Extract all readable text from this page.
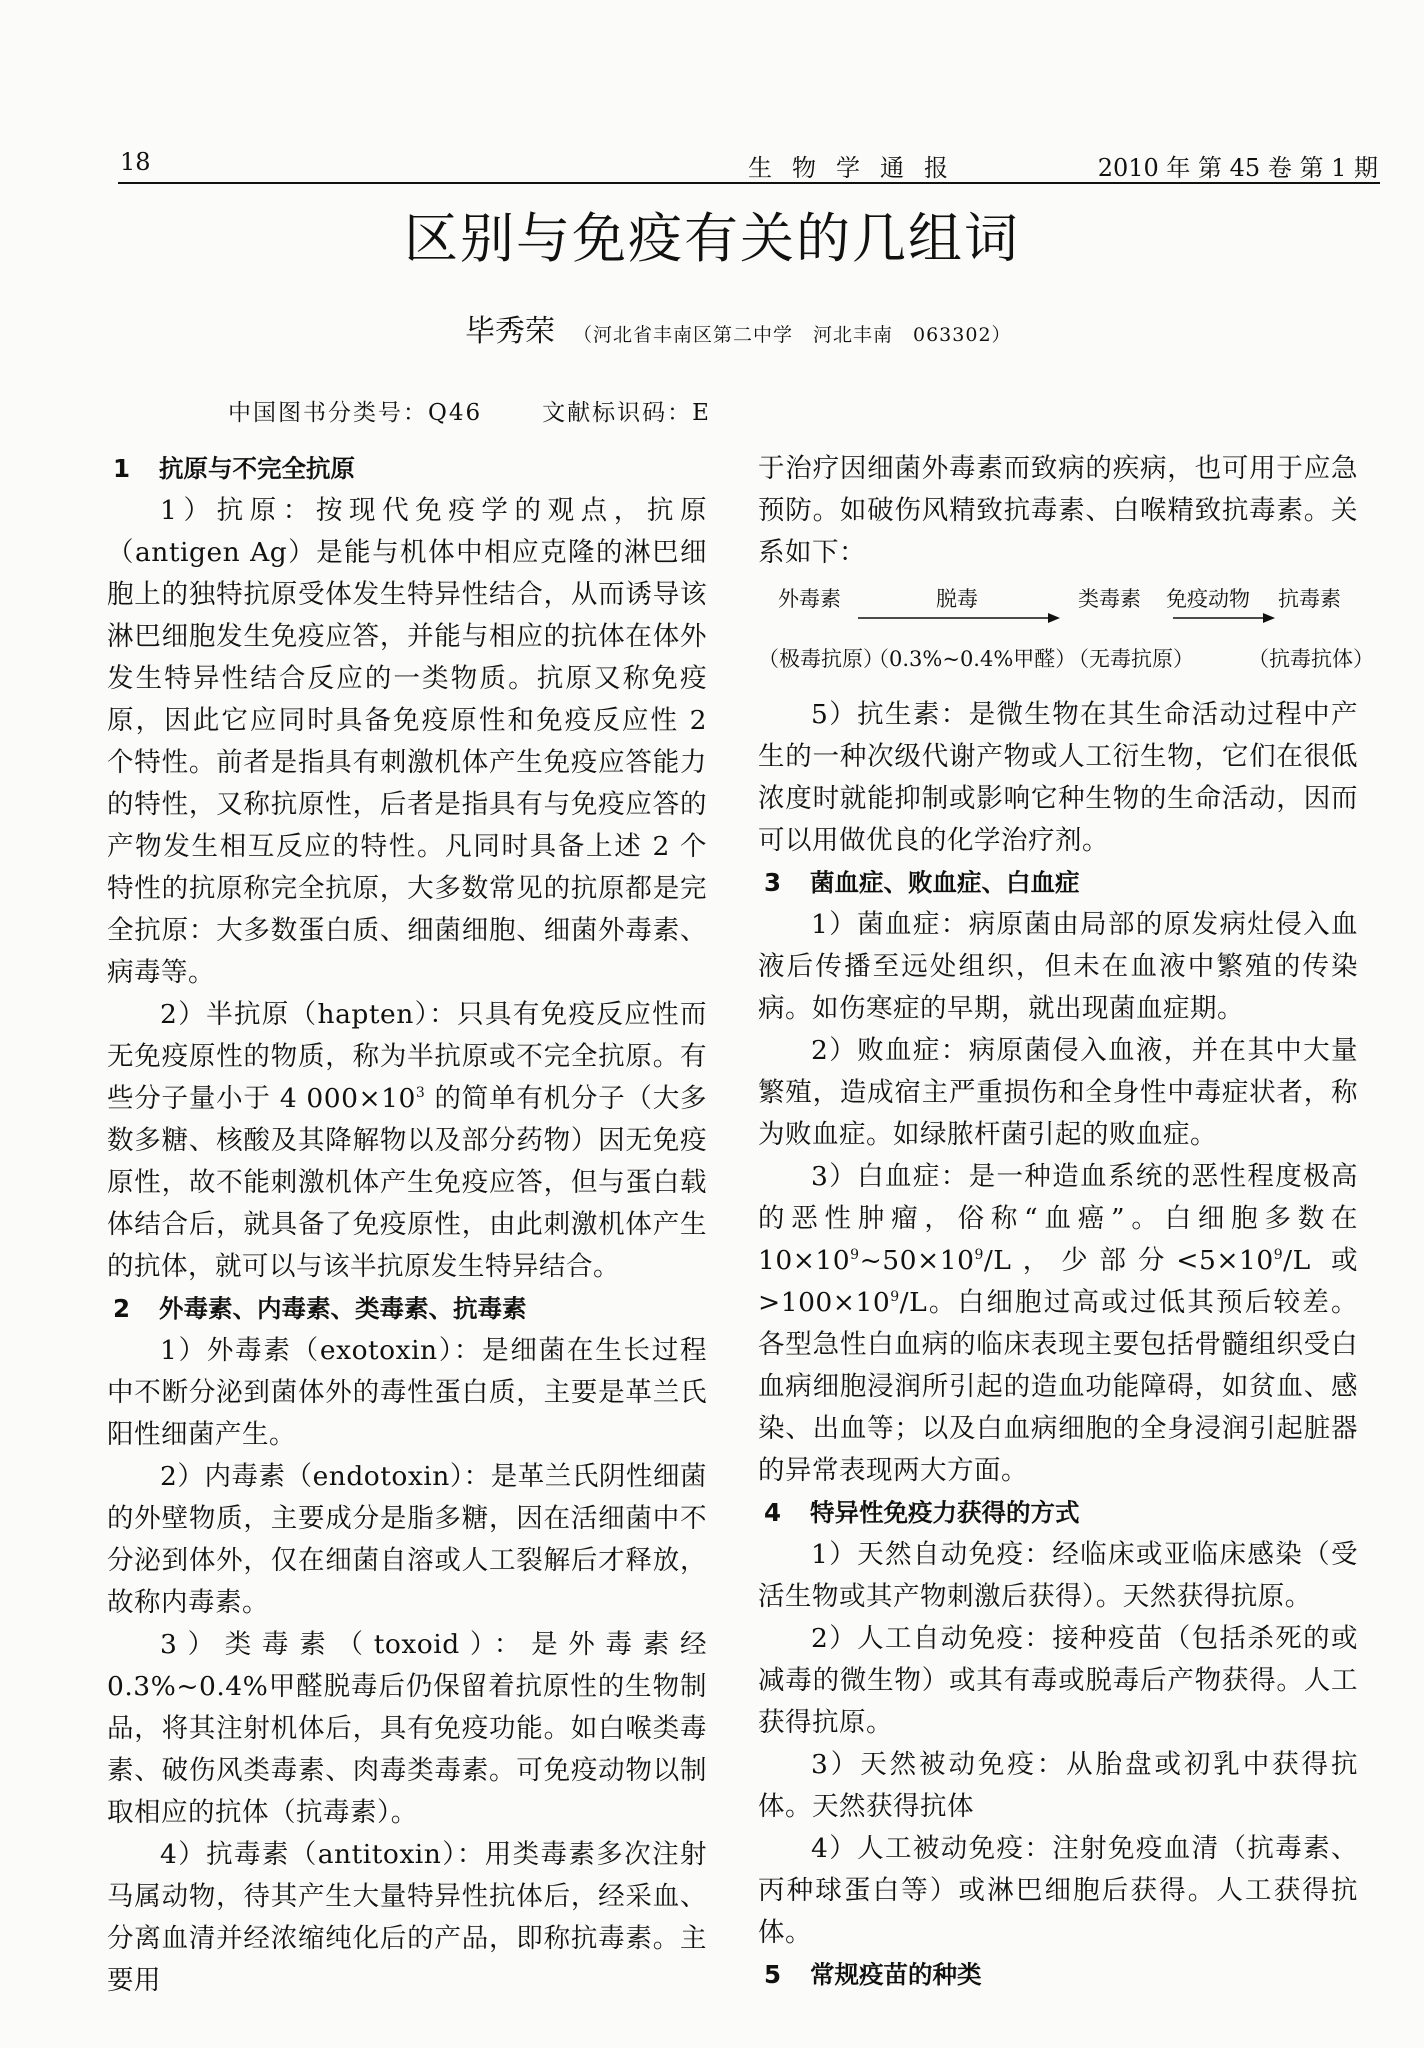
18	生物学通报	2010 年 第 45 卷 第 1 期
区别与免疫有关的几组词
毕秀荣 （河北省丰南区第二中学　河北丰南　063302）
中国图书分类号：Q46	文献标识码：E
1 抗原与不完全抗原

1）抗原：按现代免疫学的观点，抗原（antigen Ag）是能与机体中相应克隆的淋巴细胞上的独特抗原受体发生特异性结合，从而诱导该淋巴细胞发生免疫应答，并能与相应的抗体在体外发生特异性结合反应的一类物质。抗原又称免疫原，因此它应同时具备免疫原性和免疫反应性 2 个特性。前者是指具有刺激机体产生免疫应答能力的特性，又称抗原性，后者是指具有与免疫应答的产物发生相互反应的特性。凡同时具备上述 2 个特性的抗原称完全抗原，大多数常见的抗原都是完全抗原：大多数蛋白质、细菌细胞、细菌外毒素、病毒等。

2）半抗原（hapten）：只具有免疫反应性而无免疫原性的物质，称为半抗原或不完全抗原。有些分子量小于 4 $000\times 10^3$ 的简单有机分子（大多数多糖、核酸及其降解物以及部分药物）因无免疫原性，故不能刺激机体产生免疫应答，但与蛋白载体结合后，就具备了免疫原性，由此刺激机体产生的抗体，就可以与该半抗原发生特异结合。

2 外毒素、内毒素、类毒素、抗毒素

1）外毒素（exotoxin）：是细菌在生长过程中不断分泌到菌体外的毒性蛋白质，主要是革兰氏阳性细菌产生。

2）内毒素（endotoxin）：是革兰氏阴性细菌的外壁物质，主要成分是脂多糖，因在活细菌中不分泌到体外，仅在细菌自溶或人工裂解后才释放，故称内毒素。

3）类毒素（toxoid）：是外毒素经 0.3%~0.4%甲醛脱毒后仍保留着抗原性的生物制品，将其注射机体后，具有免疫功能。如白喉类毒素、破伤风类毒素、肉毒类毒素。可免疫动物以制取相应的抗体（抗毒素）。

4）抗毒素（antitoxin）：用类毒素多次注射马属动物，待其产生大量特异性抗体后，经采血、分离血清并经浓缩纯化后的产品，即称抗毒素。主要用

于治疗因细菌外毒素而致病的疾病，也可用于应急预防。如破伤风精致抗毒素、白喉精致抗毒素。关系如下：

外毒素	脱毒	类毒素 免疫动物 抗毒素
（极毒抗原）
（0.3%~0.4%甲醛）
（无毒抗原）	（抗毒抗体）

5）抗生素：是微生物在其生命活动过程中产生的一种次级代谢产物或人工衍生物，它们在很低浓度时就能抑制或影响它种生物的生命活动，因而可以用做优良的化学治疗剂。

3 菌血症、败血症、白血症

1）菌血症：病原菌由局部的原发病灶侵入血液后传播至远处组织，但未在血液中繁殖的传染病。如伤寒症的早期，就出现菌血症期。

2）败血症：病原菌侵入血液，并在其中大量繁殖，造成宿主严重损伤和全身性中毒症状者，称为败血症。如绿脓杆菌引起的败血症。

3）白血症：是一种造血系统的恶性程度极高的恶性肿瘤，俗称“血癌”。白细胞多数在 $10\times 10^9\sim 50\times 10^9/L$，少部分$<5\times 10^9/L$ 或$>100\times 10^9/L$。白细胞过高或过低其预后较差。各型急性白血病的临床表现主要包括骨髓组织受白血病细胞浸润所引起的造血功能障碍，如贫血、感染、出血等；以及白血病细胞的全身浸润引起脏器的异常表现两大方面。

4 特异性免疫力获得的方式

1）天然自动免疫：经临床或亚临床感染（受活生物或其产物刺激后获得）。天然获得抗原。

2）人工自动免疫：接种疫苗（包括杀死的或减毒的微生物）或其有毒或脱毒后产物获得。人工获得抗原。

3）天然被动免疫：从胎盘或初乳中获得抗体。天然获得抗体

4）人工被动免疫：注射免疫血清（抗毒素、丙种球蛋白等）或淋巴细胞后获得。人工获得抗体。

5 常规疫苗的种类
